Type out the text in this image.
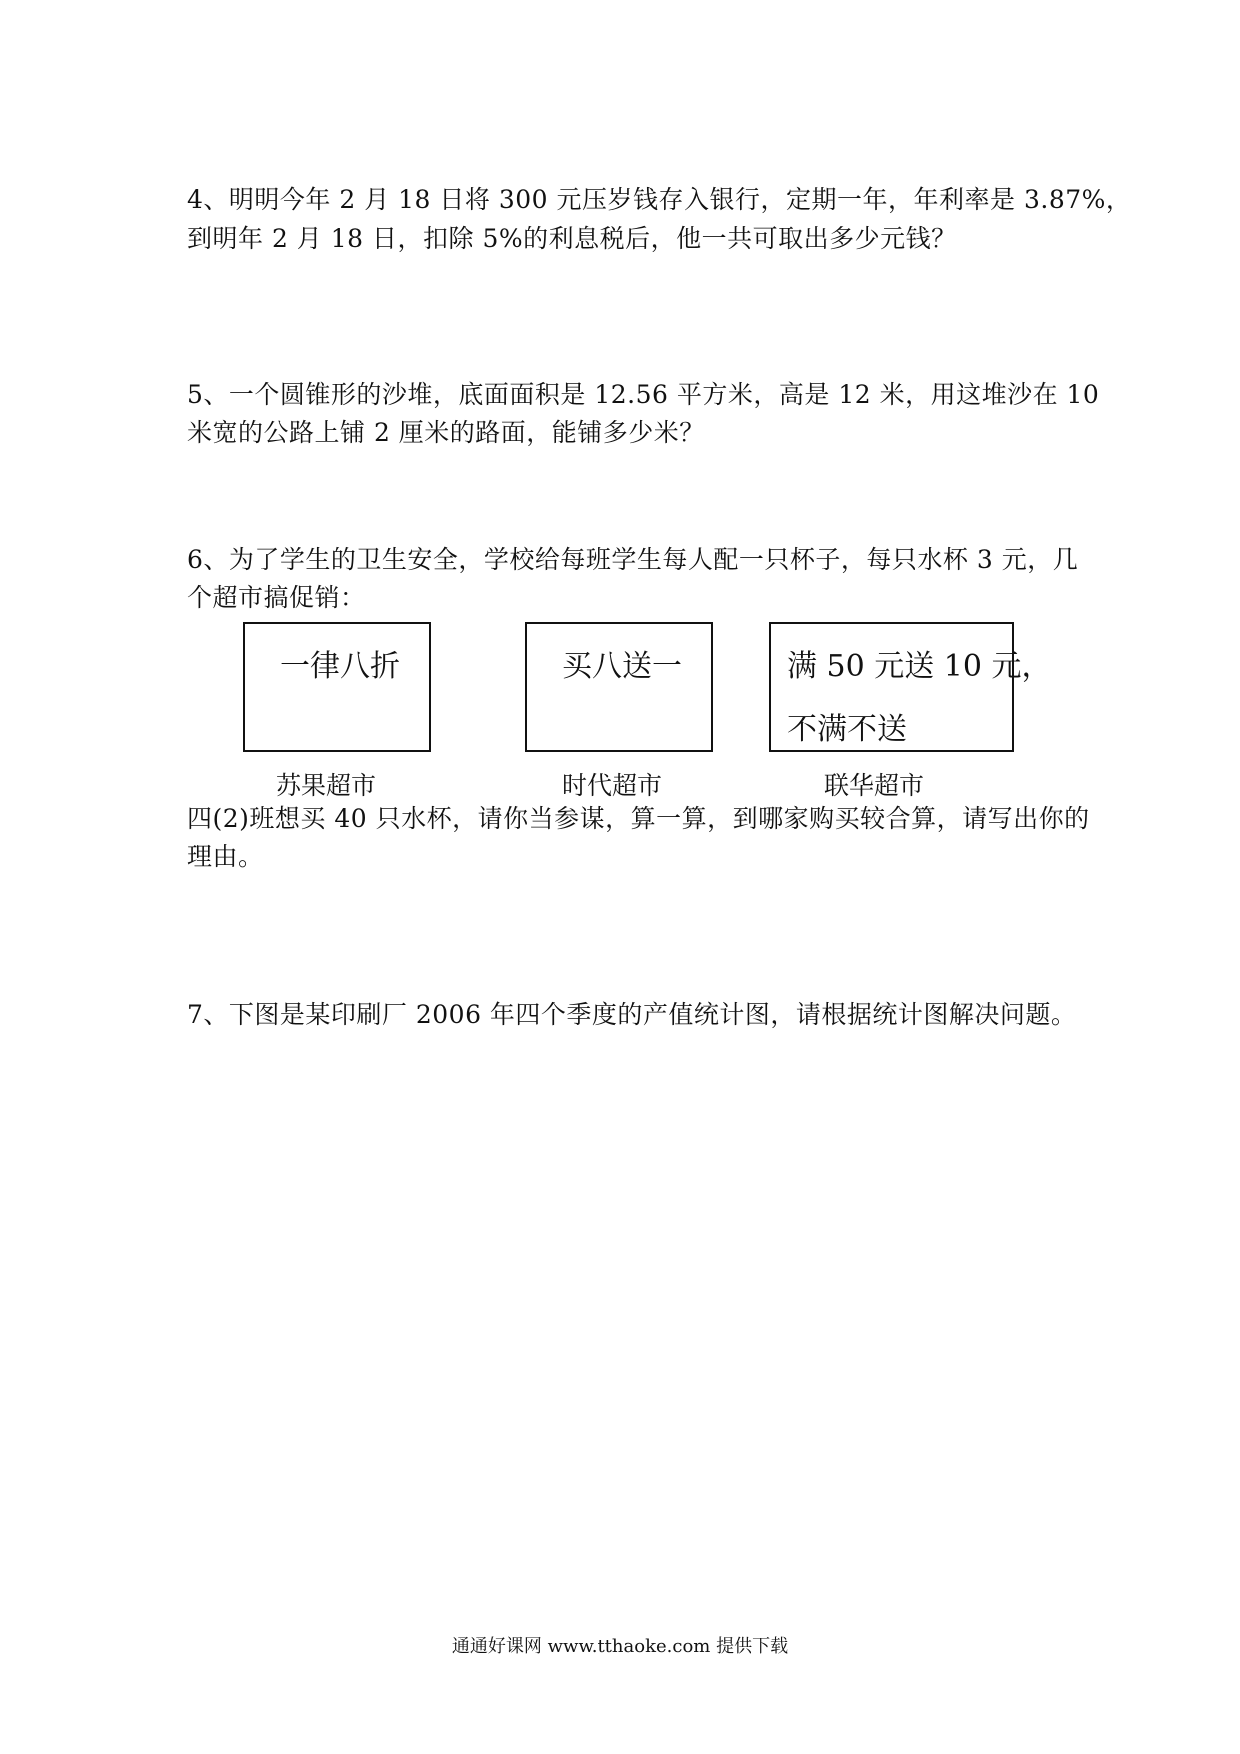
4、明明今年 2 月 18 日将 300 元压岁钱存入银行，定期一年，年利率是 3.87%，
到明年 2 月 18 日，扣除 5%的利息税后，他一共可取出多少元钱？
5、一个圆锥形的沙堆，底面面积是 12.56 平方米，高是 12 米，用这堆沙在 10
米宽的公路上铺 2 厘米的路面，能铺多少米？
6、为了学生的卫生安全，学校给每班学生每人配一只杯子，每只水杯 3 元，几
个超市搞促销：
一律八折	买八送一	满 50 元送 10 元，
不满不送
苏果超市	时代超市	联华超市
四(2)班想买 40 只水杯，请你当参谋，算一算，到哪家购买较合算，请写出你的
理由。
7、下图是某印刷厂 2006 年四个季度的产值统计图，请根据统计图解决问题。
通通好课网 www.tthaoke.com 提供下载
